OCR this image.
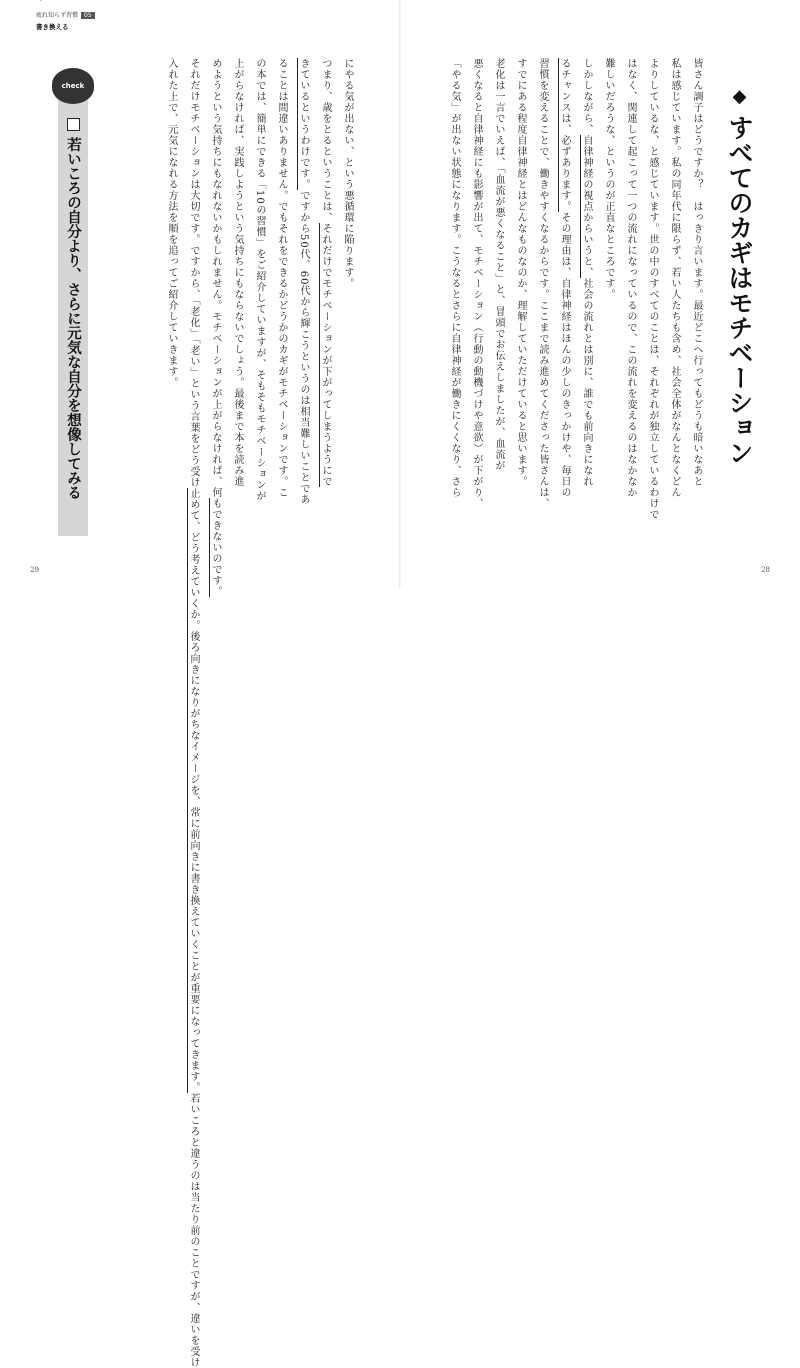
疲れ知らず習慣 05
書き換える
◆すべてのカギはモチベーション

皆さん調子はどうですか？　はっきり言います。最近どこへ行ってもどうも暗いなあと
私は感じています。私の同年代に限らず、若い人たちも含め、社会全体がなんとなくどん
よりしているな、と感じています。世の中のすべてのことは、それぞれが独立しているわけで
はなく、関連して起こって一つの流れになっているので、この流れを変えるのはなかなか
難しいだろうな、というのが正直なところです。

しかしながら、自律神経の視点からいうと、社会の流れとは別に、誰でも前向きになれ

るチャンスは、必ずあります。その理由は、自律神経はほんの少しのきっかけや、毎日の

習慣を変えることで、働きやすくなるからです。ここまで読み進めてくださった皆さんは、
すでにある程度自律神経とはどんなものなのか、理解していただけていると思います。

老化は一言でいえば、「血流が悪くなること」と、冒頭でお伝えしましたが、血流が
悪くなると自律神経にも影響が出て、モチベーション（行動の動機づけや意欲）が下がり、
「やる気」が出ない状態になります。こうなるとさらに自律神経が働きにくくなり、さら

check
若いころの自分より、さらに元気な自分を想像してみる	にやる気が出ない、という悪循環に陥ります。

つまり、歳をとるということは、それだけでモチベーションが下がってしまうようにで

きているというわけです。ですから50代、60代から輝こうというのは相当難しいことであ
ることは間違いありません。でもそれをできるかどうかのカギがモチベーションです。こ
の本では、簡単にできる「10の習慣」をご紹介していますが、そもそもモチベーションが
上がらなければ、実践しようという気持ちにもならないでしょう。最後まで本を読み進
めようという気持ちにもなれないかもしれません。モチベーションが上がらなければ、何もできないのです。

それだけモチベーションは大切です。ですから、「老化」「老い」という言葉をどう受け止めて、どう考えていくか。後ろ向きになりがちなイメージを、常に前向きに書き換えていくことが重要になってきます。若いころと違うのは当たり前のことですが、違いを受け
入れた上で、元気になれる方法を順を追ってご紹介していきます。

29	28
